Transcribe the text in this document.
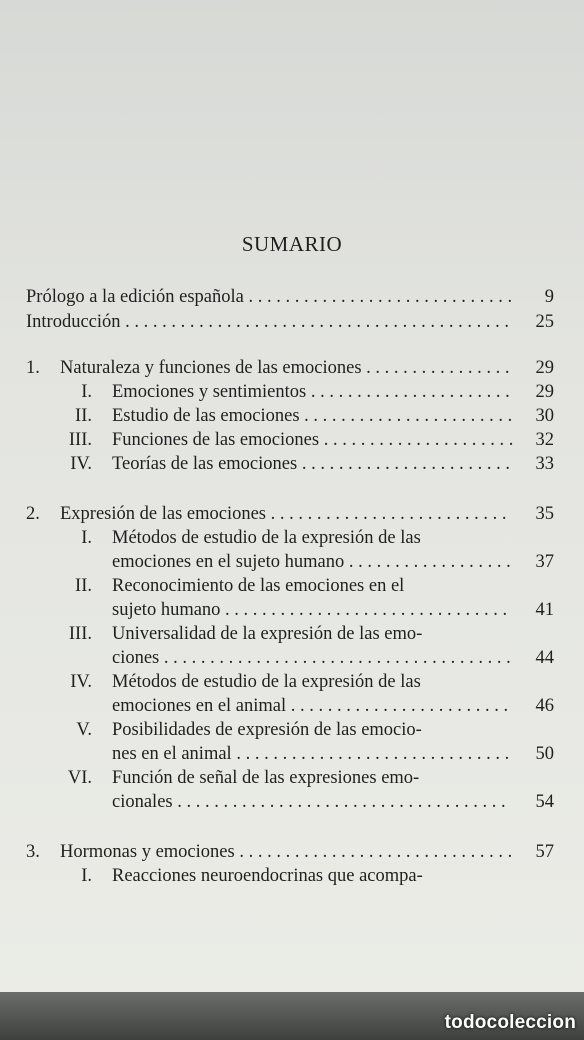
todocoleccion
SUMARIO
Prólogo a la edición española . . . . . . . . . . . . . . . . . . . . . . . . . . . . . 9
Introducción . . . . . . . . . . . . . . . . . . . . . . . . . . . . . . . . . . . . . . . . . . 25
1. Naturaleza y funciones de las emociones . . . . . . . . . . . . . . . . 29
I. Emociones y sentimientos . . . . . . . . . . . . . . . . . . . . . . 29
II. Estudio de las emociones . . . . . . . . . . . . . . . . . . . . . . . 30
III. Funciones de las emociones . . . . . . . . . . . . . . . . . . . . . 32
IV. Teorías de las emociones . . . . . . . . . . . . . . . . . . . . . . . 33
2. Expresión de las emociones . . . . . . . . . . . . . . . . . . . . . . . . . . 35
I. Métodos de estudio de la expresión de las
emociones en el sujeto humano . . . . . . . . . . . . . . . . . . 37
II. Reconocimiento de las emociones en el
sujeto humano . . . . . . . . . . . . . . . . . . . . . . . . . . . . . . . 41
III. Universalidad de la expresión de las emo-
ciones . . . . . . . . . . . . . . . . . . . . . . . . . . . . . . . . . . . . . . 44
IV. Métodos de estudio de la expresión de las
emociones en el animal . . . . . . . . . . . . . . . . . . . . . . . . 46
V. Posibilidades de expresión de las emocio-
nes en el animal . . . . . . . . . . . . . . . . . . . . . . . . . . . . . . 50
VI. Función de señal de las expresiones emo-
cionales . . . . . . . . . . . . . . . . . . . . . . . . . . . . . . . . . . . . 54
3. Hormonas y emociones . . . . . . . . . . . . . . . . . . . . . . . . . . . . . . 57
I. Reacciones neuroendocrinas que acompa-
